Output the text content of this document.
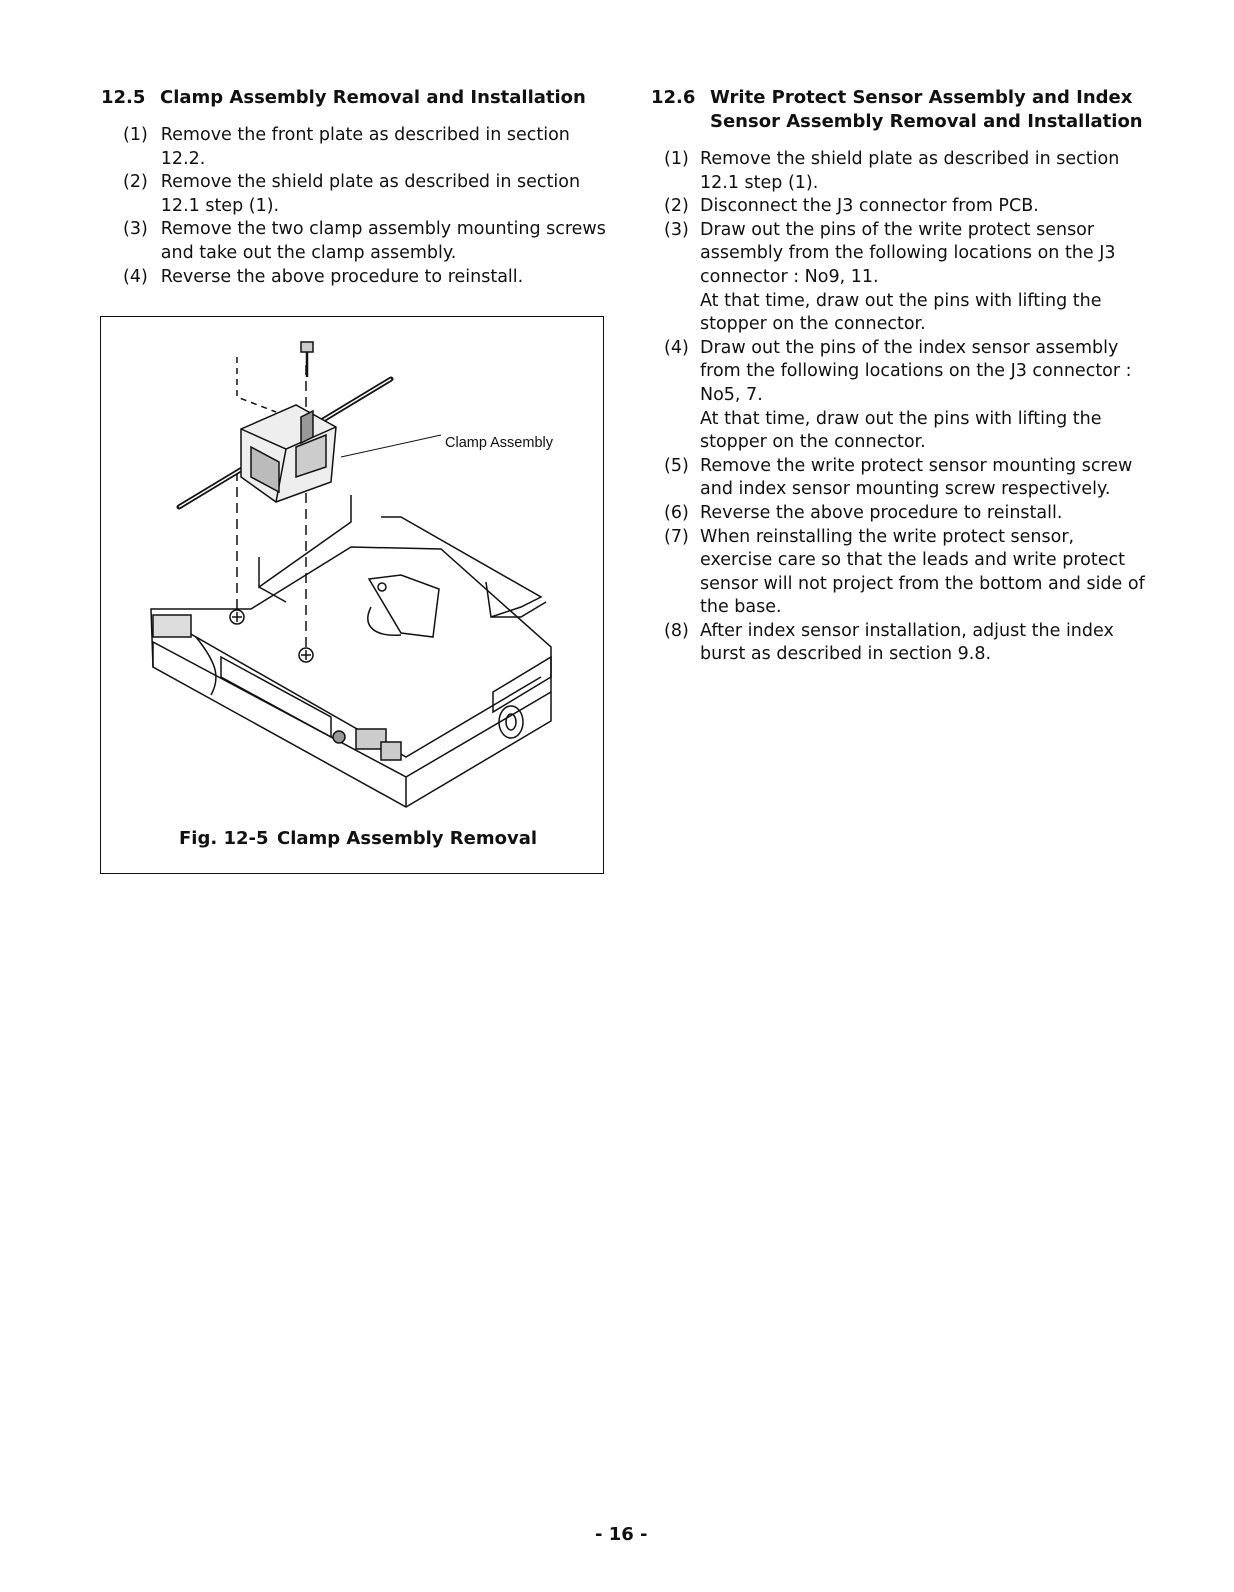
12.5 Clamp Assembly Removal and Installation
(1) Remove the front plate as described in section 12.2.
(2) Remove the shield plate as described in section 12.1 step (1).
(3) Remove the two clamp assembly mounting screws and take out the clamp assembly.
(4) Reverse the above procedure to reinstall.
Clamp Assembly
Fig. 12-5 Clamp Assembly Removal
12.6 Write Protect Sensor Assembly and Index
Sensor Assembly Removal and Installation
(1) Remove the shield plate as described in section 12.1 step (1).
(2) Disconnect the J3 connector from PCB.
(3) Draw out the pins of the write protect sensor assembly from the following locations on the J3 connector : No9, 11.

At that time, draw out the pins with lifting the stopper on the connector.

(4) Draw out the pins of the index sensor assembly from the following locations on the J3 connector : No5, 7.

At that time, draw out the pins with lifting the stopper on the connector.

(5) Remove the write protect sensor mounting screw and index sensor mounting screw respectively.
(6) Reverse the above procedure to reinstall.
(7) When reinstalling the write protect sensor, exercise care so that the leads and write protect sensor will not project from the bottom and side of the base.
(8) After index sensor installation, adjust the index burst as described in section 9.8.
- 16 -
